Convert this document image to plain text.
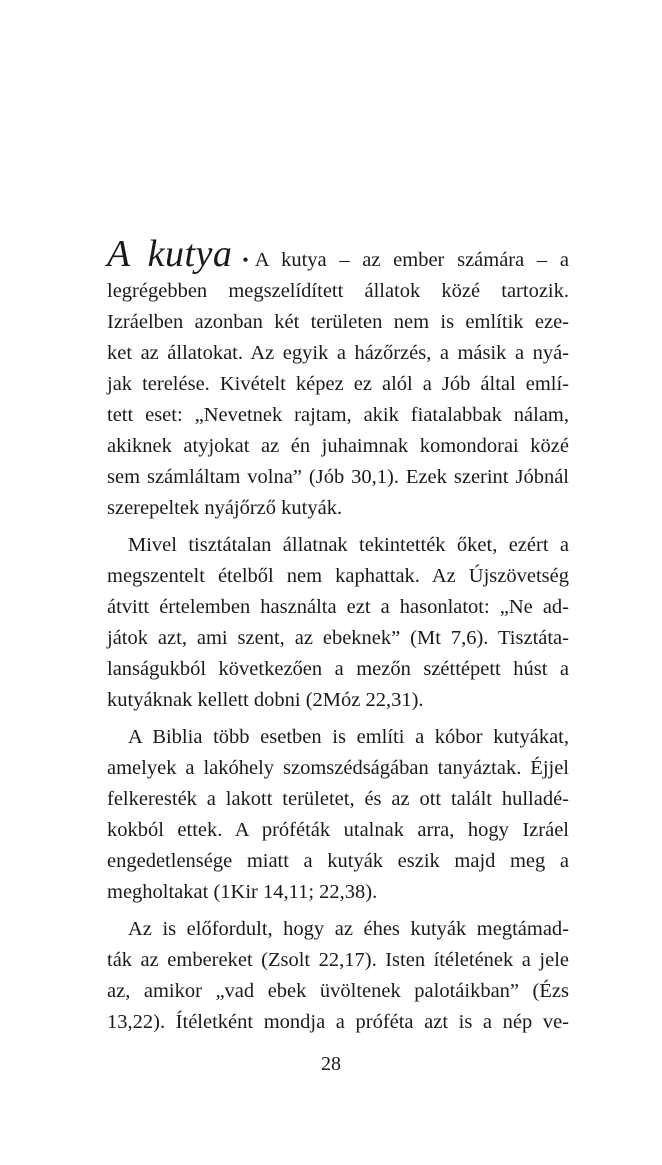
A kutya • A kutya – az ember számára – a
legrégebben megszelídített állatok közé tartozik.
Izráelben azonban két területen nem is említik eze-
ket az állatokat. Az egyik a házőrzés, a másik a nyá-
jak terelése. Kivételt képez ez alól a Jób által emlí-
tett eset: „Nevetnek rajtam, akik fiatalabbak nálam,
akiknek atyjokat az én juhaimnak komondorai közé
sem számláltam volna” (Jób 30,1). Ezek szerint Jóbnál
szerepeltek nyájőrző kutyák.
Mivel tisztátalan állatnak tekintették őket, ezért a
megszentelt ételből nem kaphattak. Az Újszövetség
átvitt értelemben használta ezt a hasonlatot: „Ne ad-
játok azt, ami szent, az ebeknek” (Mt 7,6). Tisztáta-
lanságukból következően a mezőn széttépett húst a
kutyáknak kellett dobni (2Móz 22,31).
A Biblia több esetben is említi a kóbor kutyákat,
amelyek a lakóhely szomszédságában tanyáztak. Éjjel
felkeresték a lakott területet, és az ott talált hulladé-
kokból ettek. A próféták utalnak arra, hogy Izráel
engedetlensége miatt a kutyák eszik majd meg a
megholtakat (1Kir 14,11; 22,38).
Az is előfordult, hogy az éhes kutyák megtámad-
ták az embereket (Zsolt 22,17). Isten ítéletének a jele
az, amikor „vad ebek üvöltenek palotáikban” (Ézs
13,22). Ítéletként mondja a próféta azt is a nép ve-
28
